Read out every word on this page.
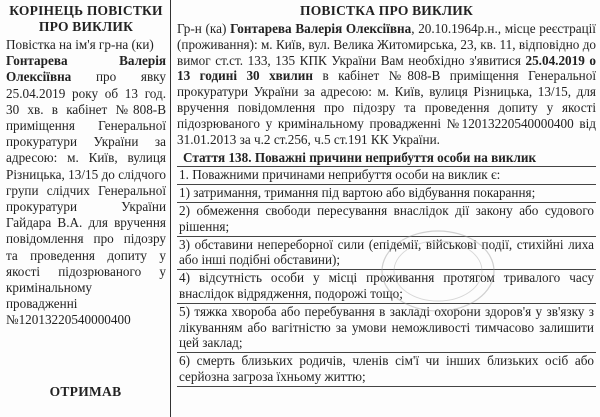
КОРІНЕЦЬ ПОВІСТКИ
ПРО ВИКЛИК
Повістка на ім'я гр-на (ки)
Гонтарева Валерія Олексіївна про явку 25.04.2019 року об 13 год. 30 хв. в кабінет №808-В приміщення Генеральної прокуратури України за адресою: м. Київ, вулиця Різницька, 13/15 до слідчого групи слідчих Генеральної прокуратури України Гайдара В.А. для вручення повідомлення про підозру та проведення допиту у якості підозрюваного у кримінальному провадженні №12013220540000400
ОТРИМАВ
ПОВІСТКА ПРО ВИКЛИК
Гр-н (ка) Гонтарева Валерія Олексіївна, 20.10.1964р.н., місце реєстрації (проживання): м. Київ, вул. Велика Житомирська, 23, кв. 11, відповідно до вимог ст.ст. 133, 135 КПК України Вам необхідно з'явитися 25.04.2019 о 13 годині 30 хвилин в кабінет №808-В приміщення Генеральної прокуратури України за адресою: м. Київ, вулиця Різницька, 13/15, для вручення повідомлення про підозру та проведення допиту у якості підозрюваного у кримінальному провадженні №12013220540000400 від 31.01.2013 за ч.2 ст.256, ч.5 ст.191 КК України.
Стаття 138. Поважні причини неприбуття особи на виклик
1. Поважними причинами неприбуття особи на виклик є:
1) затримання, тримання під вартою або відбування покарання;
2) обмеження свободи пересування внаслідок дії закону або судового рішення;
3) обставини непереборної сили (епідемії, військові події, стихійні лиха або інші подібні обставини);
4) відсутність особи у місці проживання протягом тривалого часу внаслідок відрядження, подорожі тощо;
5) тяжка хвороба або перебування в закладі охорони здоров'я у зв'язку з лікуванням або вагітністю за умови неможливості тимчасово залишити цей заклад;
6) смерть близьких родичів, членів сім'ї чи інших близьких осіб або серйозна загроза їхньому життю;
